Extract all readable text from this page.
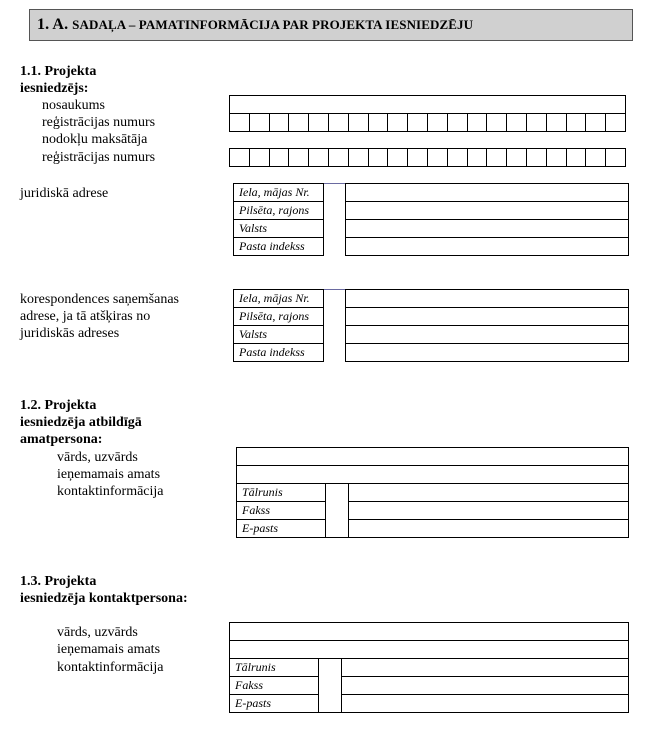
1. A. SADAĻA – PAMATINFORMĀCIJA PAR PROJEKTA IESNIEDZĒJU
1.1. Projekta
iesniedzējs:
nosaukums
reģistrācijas numurs
nodokļu maksātāja
reģistrācijas numurs
juridiskā adrese	Iela, mājas Nr.
Pilsēta, rajons
Valsts
Pasta indekss
korespondences saņemšanas
adrese, ja tā atšķiras no
juridiskās adreses
Iela, mājas Nr.
Pilsēta, rajons
Valsts
Pasta indekss
1.2. Projekta
iesniedzēja atbildīgā
amatpersona:
vārds, uzvārds
ieņemamais amats
kontaktinformācija	Tālrunis
Fakss
E-pasts
1.3. Projekta
iesniedzēja kontaktpersona:
vārds, uzvārds
ieņemamais amats
kontaktinformācija	Tālrunis
Fakss
E-pasts
